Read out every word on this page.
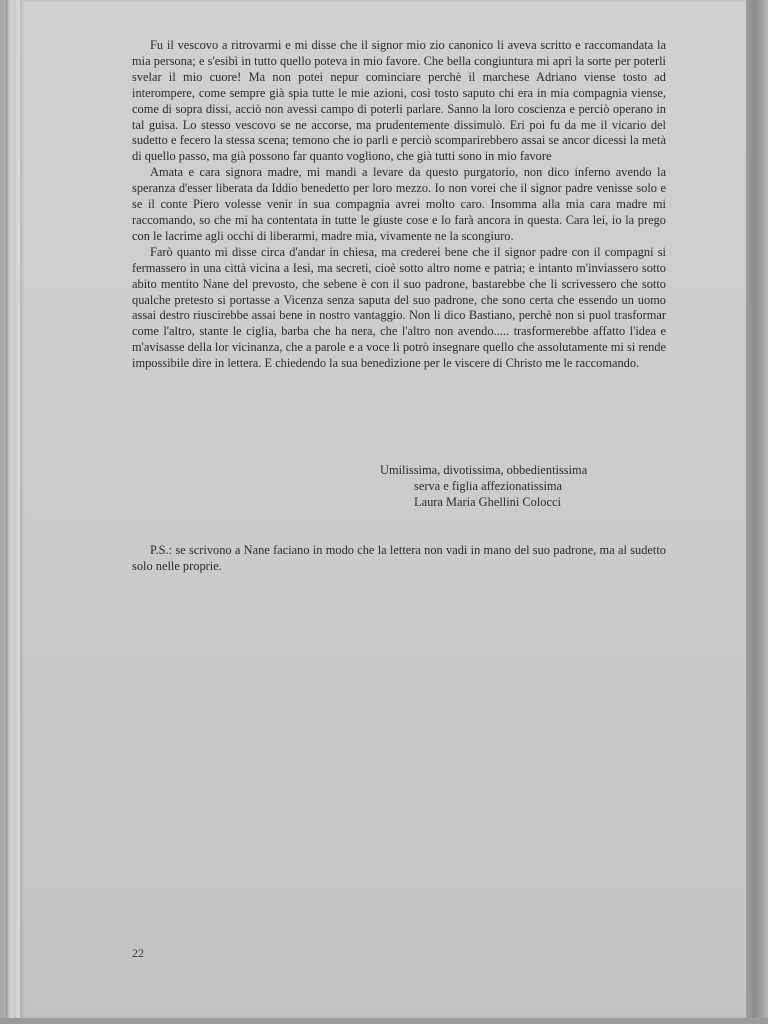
Fu il vescovo a ritrovarmi e mi disse che il signor mio zio canonico li aveva scritto e raccomandata la mia persona; e s'esibì in tutto quello poteva in mio favore. Che bella congiuntura mi aprì la sorte per poterli svelar il mio cuore! Ma non potei nepur cominciare perchè il marchese Adriano viense tosto ad interompere, come sempre già spia tutte le mie azioni, così tosto saputo chi era in mia compagnia viense, come di sopra dissi, acciò non avessi campo di poterli parlare. Sanno la loro coscienza e perciò operano in tal guisa. Lo stesso vescovo se ne accorse, ma prudentemente dissimulò. Eri poi fu da me il vicario del sudetto e fecero la stessa scena; temono che io parli e perciò scomparirebbero assai se ancor dicessi la metà di quello passo, ma già possono far quanto vogliono, che già tutti sono in mio favore

Amata e cara signora madre, mi mandi a levare da questo purgatorio, non dico inferno avendo la speranza d'esser liberata da Iddio benedetto per loro mezzo. Io non vorei che il signor padre venisse solo e se il conte Piero volesse venir in sua compagnia avrei molto caro. Insomma alla mia cara madre mi raccomando, so che mi ha contentata in tutte le giuste cose e lo farà ancora in questa. Cara lei, io la prego con le lacrime agli occhi di liberarmi, madre mia, vivamente ne la scongiuro.

Farò quanto mi disse circa d'andar in chiesa, ma crederei bene che il signor padre con il compagni si fermassero in una città vicina a Iesi, ma secreti, cioè sotto altro nome e patria; e intanto m'inviassero sotto abito mentito Nane del prevosto, che sebene è con il suo padrone, bastarebbe che li scrivessero che sotto qualche pretesto si portasse a Vicenza senza saputa del suo padrone, che sono certa che essendo un uomo assai destro riuscirebbe assai bene in nostro vantaggio. Non li dico Bastiano, perchè non si puol trasformar come l'altro, stante le ciglia, barba che ha nera, che l'altro non avendo..... trasformerebbe affatto l'idea e m'avisasse della lor vicinanza, che a parole e a voce li potrò insegnare quello che assolutamente mi si rende impossibile dire in lettera. E chiedendo la sua benedizione per le viscere di Christo me le raccomando.

Umilissima, divotissima, obbedientissima
serva e figlia affezionatissima
Laura Maria Ghellini Colocci

P.S.: se scrivono a Nane faciano in modo che la lettera non vadi in mano del suo padrone, ma al sudetto solo nelle proprie.

22
